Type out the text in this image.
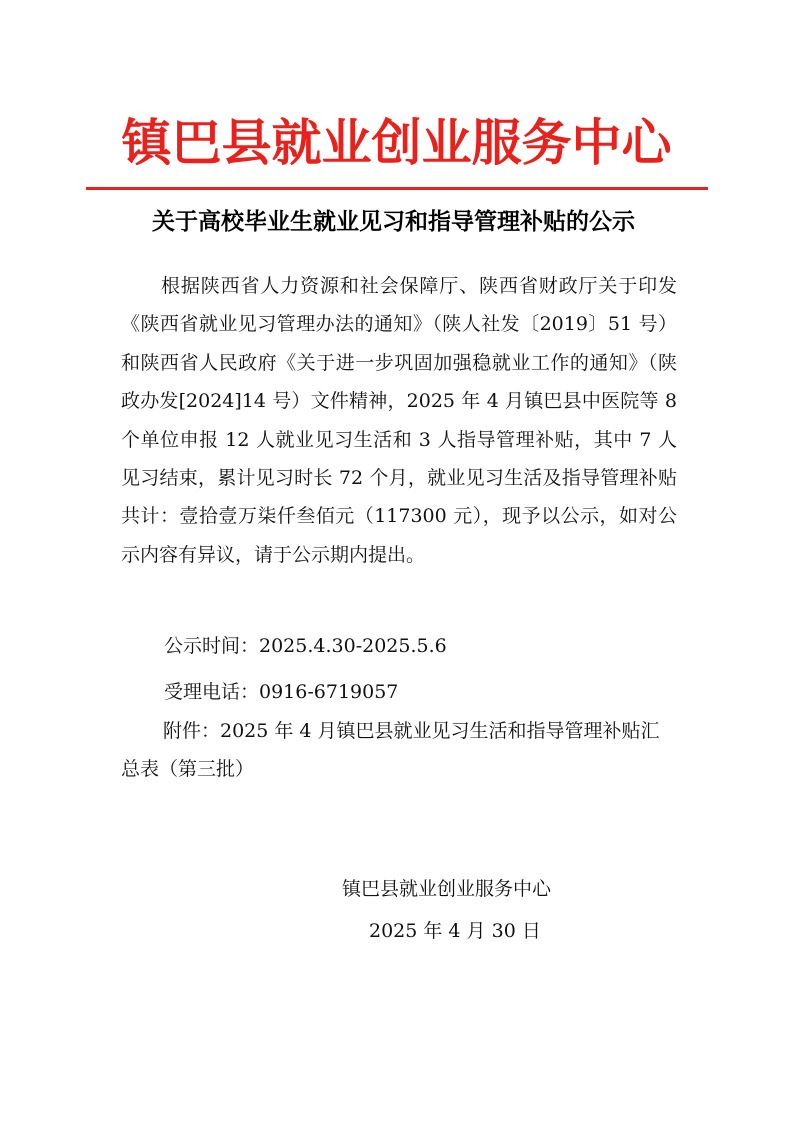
镇巴县就业创业服务中心
关于高校毕业生就业见习和指导管理补贴的公示
根据陕西省人力资源和社会保障厅、陕西省财政厅关于印发《陕西省就业见习管理办法的通知》（陕人社发〔2019〕51 号）和陕西省人民政府《关于进一步巩固加强稳就业工作的通知》（陕政办发[2024]14 号）文件精神，2025 年 4 月镇巴县中医院等 8 个单位申报 12 人就业见习生活和 3 人指导管理补贴，其中 7 人见习结束，累计见习时长 72 个月，就业见习生活及指导管理补贴共计：壹拾壹万柒仟叁佰元（117300 元），现予以公示，如对公示内容有异议，请于公示期内提出。
公示时间：2025.4.30-2025.5.6
受理电话：0916-6719057
附件：2025 年 4 月镇巴县就业见习生活和指导管理补贴汇总表（第三批）
镇巴县就业创业服务中心
2025 年 4 月 30 日
